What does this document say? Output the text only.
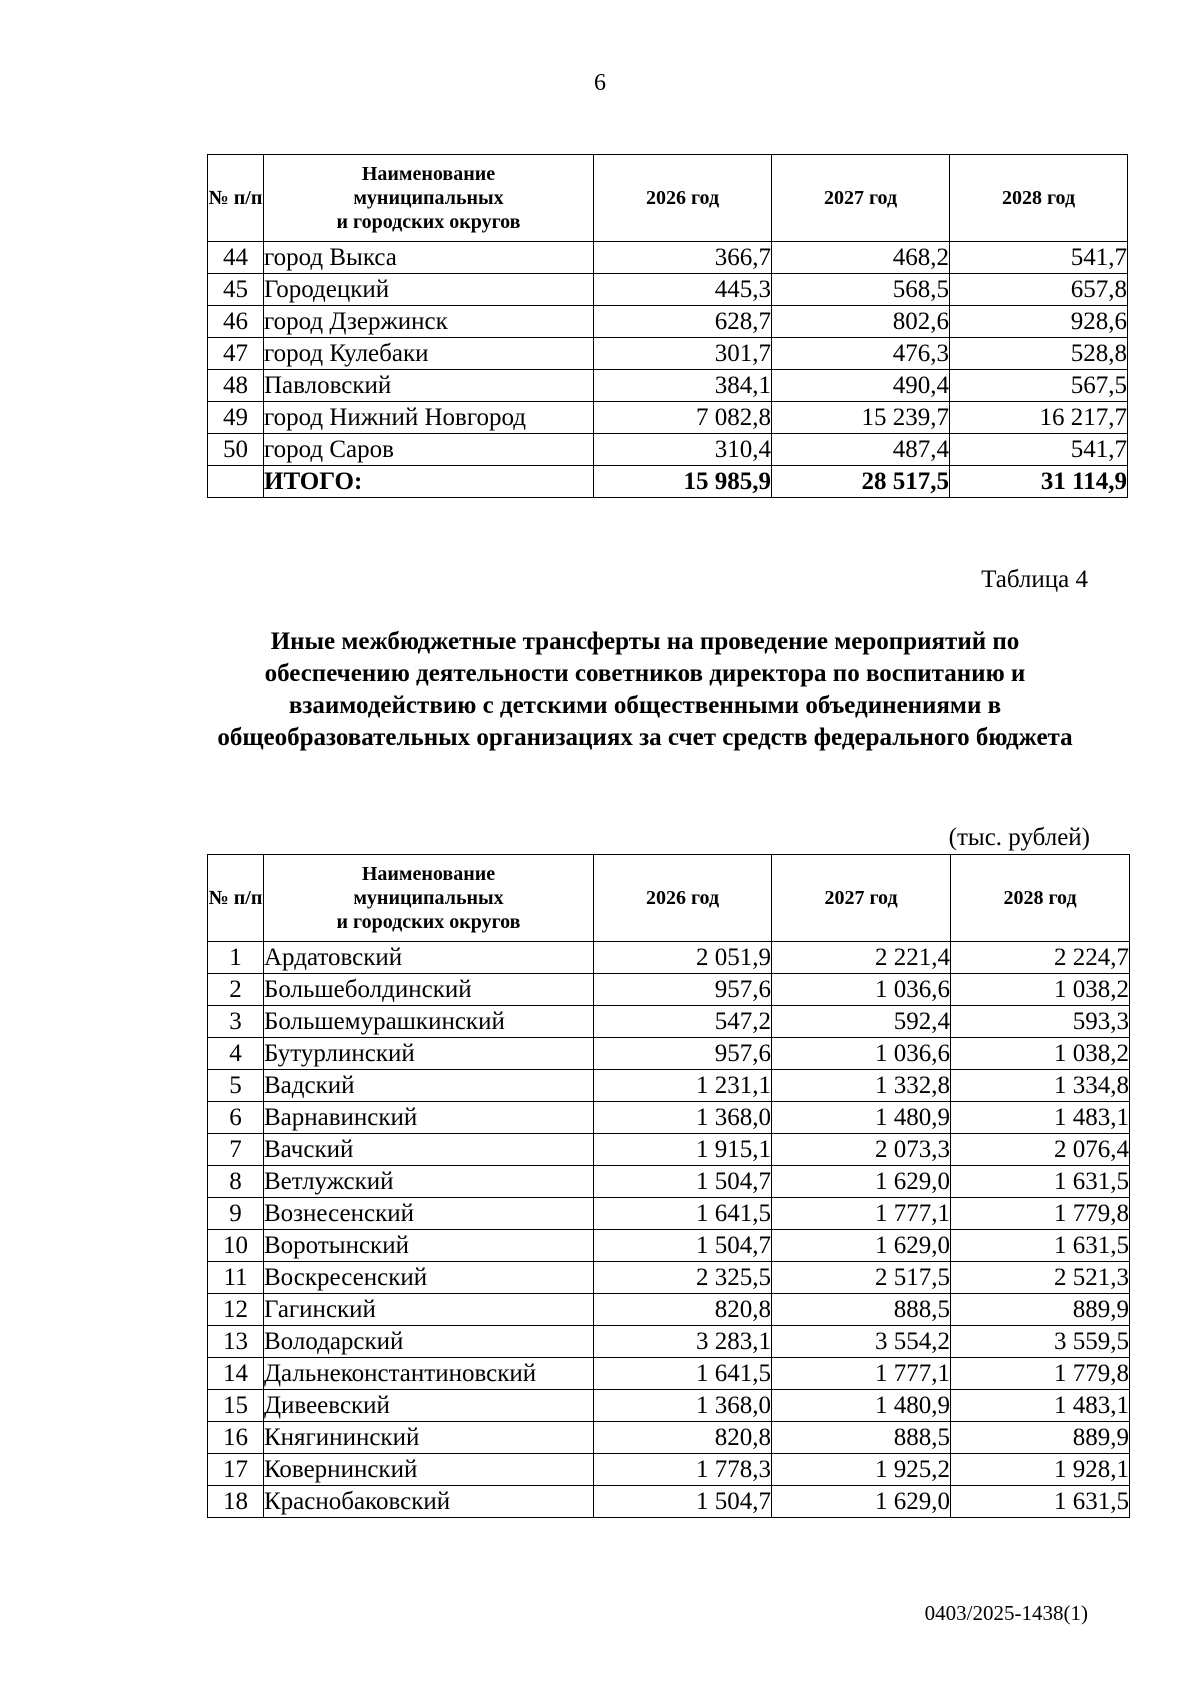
6
№ п/п	Наименование
муниципальных
и городских округов	2026 год	2027 год	2028 год
44	город Выкса	366,7	468,2	541,7
45	Городецкий	445,3	568,5	657,8
46	город Дзержинск	628,7	802,6	928,6
47	город Кулебаки	301,7	476,3	528,8
48	Павловский	384,1	490,4	567,5
49	город Нижний Новгород	7 082,8	15 239,7	16 217,7
50	город Саров	310,4	487,4	541,7
	ИТОГО:	15 985,9	28 517,5	31 114,9
Таблица 4
Иные межбюджетные трансферты на проведение мероприятий по обеспечению деятельности советников директора по воспитанию и взаимодействию с детскими общественными объединениями в общеобразовательных организациях за счет средств федерального бюджета
(тыс. рублей)
№ п/п	Наименование
муниципальных
и городских округов	2026 год	2027 год	2028 год
1	Ардатовский	2 051,9	2 221,4	2 224,7
2	Большеболдинский	957,6	1 036,6	1 038,2
3	Большемурашкинский	547,2	592,4	593,3
4	Бутурлинский	957,6	1 036,6	1 038,2
5	Вадский	1 231,1	1 332,8	1 334,8
6	Варнавинский	1 368,0	1 480,9	1 483,1
7	Вачский	1 915,1	2 073,3	2 076,4
8	Ветлужский	1 504,7	1 629,0	1 631,5
9	Вознесенский	1 641,5	1 777,1	1 779,8
10	Воротынский	1 504,7	1 629,0	1 631,5
11	Воскресенский	2 325,5	2 517,5	2 521,3
12	Гагинский	820,8	888,5	889,9
13	Володарский	3 283,1	3 554,2	3 559,5
14	Дальнеконстантиновский	1 641,5	1 777,1	1 779,8
15	Дивеевский	1 368,0	1 480,9	1 483,1
16	Княгининский	820,8	888,5	889,9
17	Ковернинский	1 778,3	1 925,2	1 928,1
18	Краснобаковский	1 504,7	1 629,0	1 631,5
0403/2025-1438(1)
